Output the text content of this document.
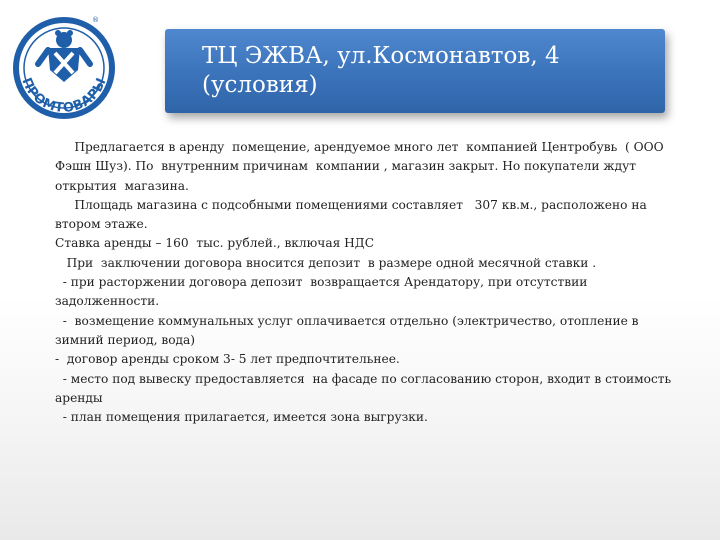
ПРОМТОВАРЫ
®
ТЦ ЭЖВА, ул.Космонавтов, 4
(условия)
Предлагается в аренду  помещение, арендуемое много лет  компанией Центробувь  ( ООО Фэшн Шуз). По  внутренним причинам  компании , магазин закрыт. Но покупатели ждут открытия  магазина.
Площадь магазина с подсобными помещениями составляет   307 кв.м., расположено на втором этаже.
Ставка аренды – 160  тыс. рублей., включая НДС
При  заключении договора вносится депозит  в размере одной месячной ставки .
- при расторжении договора депозит  возвращается Арендатору, при отсутствии задолженности.
-  возмещение коммунальных услуг оплачивается отдельно (электричество, отопление в зимний период, вода)
-  договор аренды сроком 3- 5 лет предпочтительнее.
- место под вывеску предоставляется  на фасаде по согласованию сторон, входит в стоимость аренды
- план помещения прилагается, имеется зона выгрузки.
